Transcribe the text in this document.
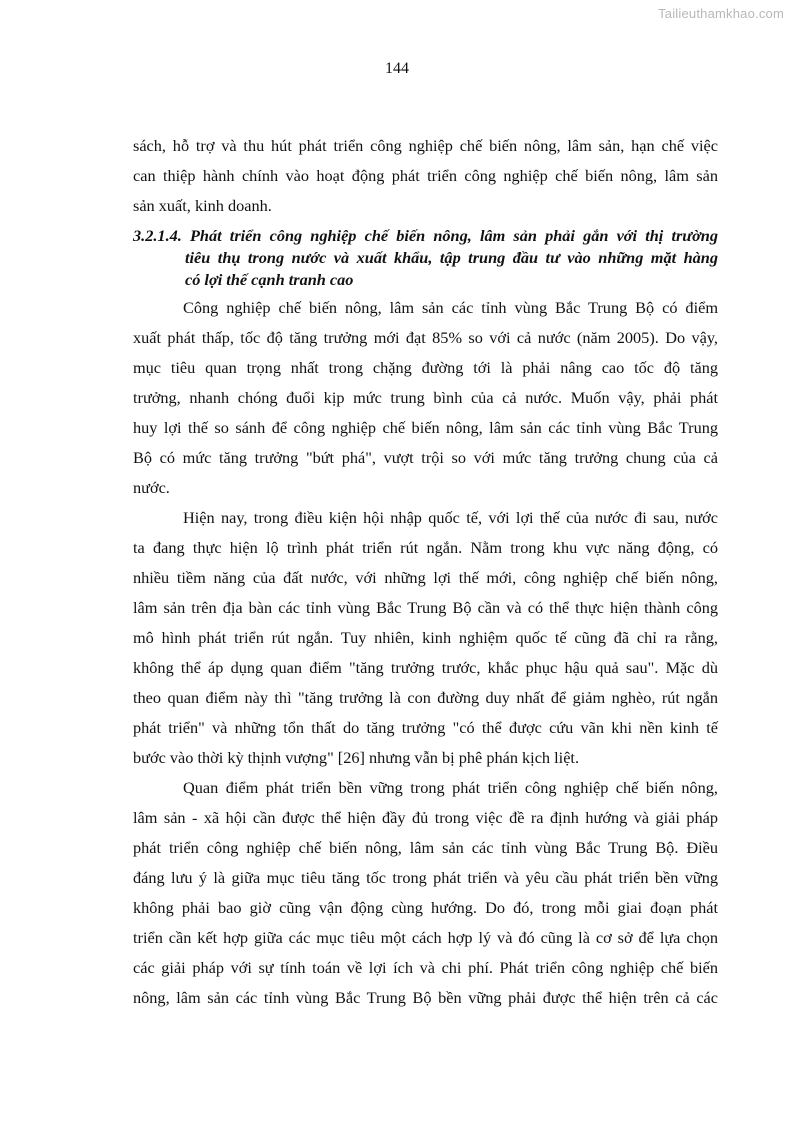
Tailieuthamkhao.com
144
sách, hỗ trợ và thu hút phát triển công nghiệp chế biến nông, lâm sản, hạn chế việc
can thiệp hành chính vào hoạt động phát triển công nghiệp chế biến nông, lâm sản
sản xuất, kinh doanh.
3.2.1.4. Phát triển công nghiệp chế biến nông, lâm sản phải gắn với thị trường
tiêu thụ trong nước và xuất khẩu, tập trung đầu tư vào những mặt hàng
có lợi thế cạnh tranh cao
Công nghiệp chế biến nông, lâm sản các tỉnh vùng Bắc Trung Bộ có điểm
xuất phát thấp, tốc độ tăng trưởng mới đạt 85% so với cả nước (năm 2005). Do vậy,
mục tiêu quan trọng nhất trong chặng đường tới là phải nâng cao tốc độ tăng
trưởng, nhanh chóng đuổi kịp mức trung bình của cả nước. Muốn vậy, phải phát
huy lợi thế so sánh để công nghiệp chế biến nông, lâm sản các tỉnh vùng Bắc Trung
Bộ có mức tăng trưởng "bứt phá", vượt trội so với mức tăng trưởng chung của cả
nước.
Hiện nay, trong điều kiện hội nhập quốc tế, với lợi thế của nước đi sau, nước
ta đang thực hiện lộ trình phát triển rút ngắn. Nằm trong khu vực năng động, có
nhiều tiềm năng của đất nước, với những lợi thế mới, công nghiệp chế biến nông,
lâm sản trên địa bàn các tỉnh vùng Bắc Trung Bộ cần và có thể thực hiện thành công
mô hình phát triển rút ngắn. Tuy nhiên, kinh nghiệm quốc tế cũng đã chỉ ra rằng,
không thể áp dụng quan điểm "tăng trưởng trước, khắc phục hậu quả sau". Mặc dù
theo quan điểm này thì "tăng trưởng là con đường duy nhất để giảm nghèo, rút ngắn
phát triển" và những tổn thất do tăng trưởng "có thể được cứu vãn khi nền kinh tế
bước vào thời kỳ thịnh vượng" [26] nhưng vẫn bị phê phán kịch liệt.
Quan điểm phát triển bền vững trong phát triển công nghiệp chế biến nông,
lâm sản - xã hội cần được thể hiện đầy đủ trong việc đề ra định hướng và giải pháp
phát triển công nghiệp chế biến nông, lâm sản các tỉnh vùng Bắc Trung Bộ. Điều
đáng lưu ý là giữa mục tiêu tăng tốc trong phát triển và yêu cầu phát triển bền vững
không phải bao giờ cũng vận động cùng hướng. Do đó, trong mỗi giai đoạn phát
triển cần kết hợp giữa các mục tiêu một cách hợp lý và đó cũng là cơ sở để lựa chọn
các giải pháp với sự tính toán về lợi ích và chi phí. Phát triển công nghiệp chế biến
nông, lâm sản các tỉnh vùng Bắc Trung Bộ bền vững phải được thể hiện trên cả các
